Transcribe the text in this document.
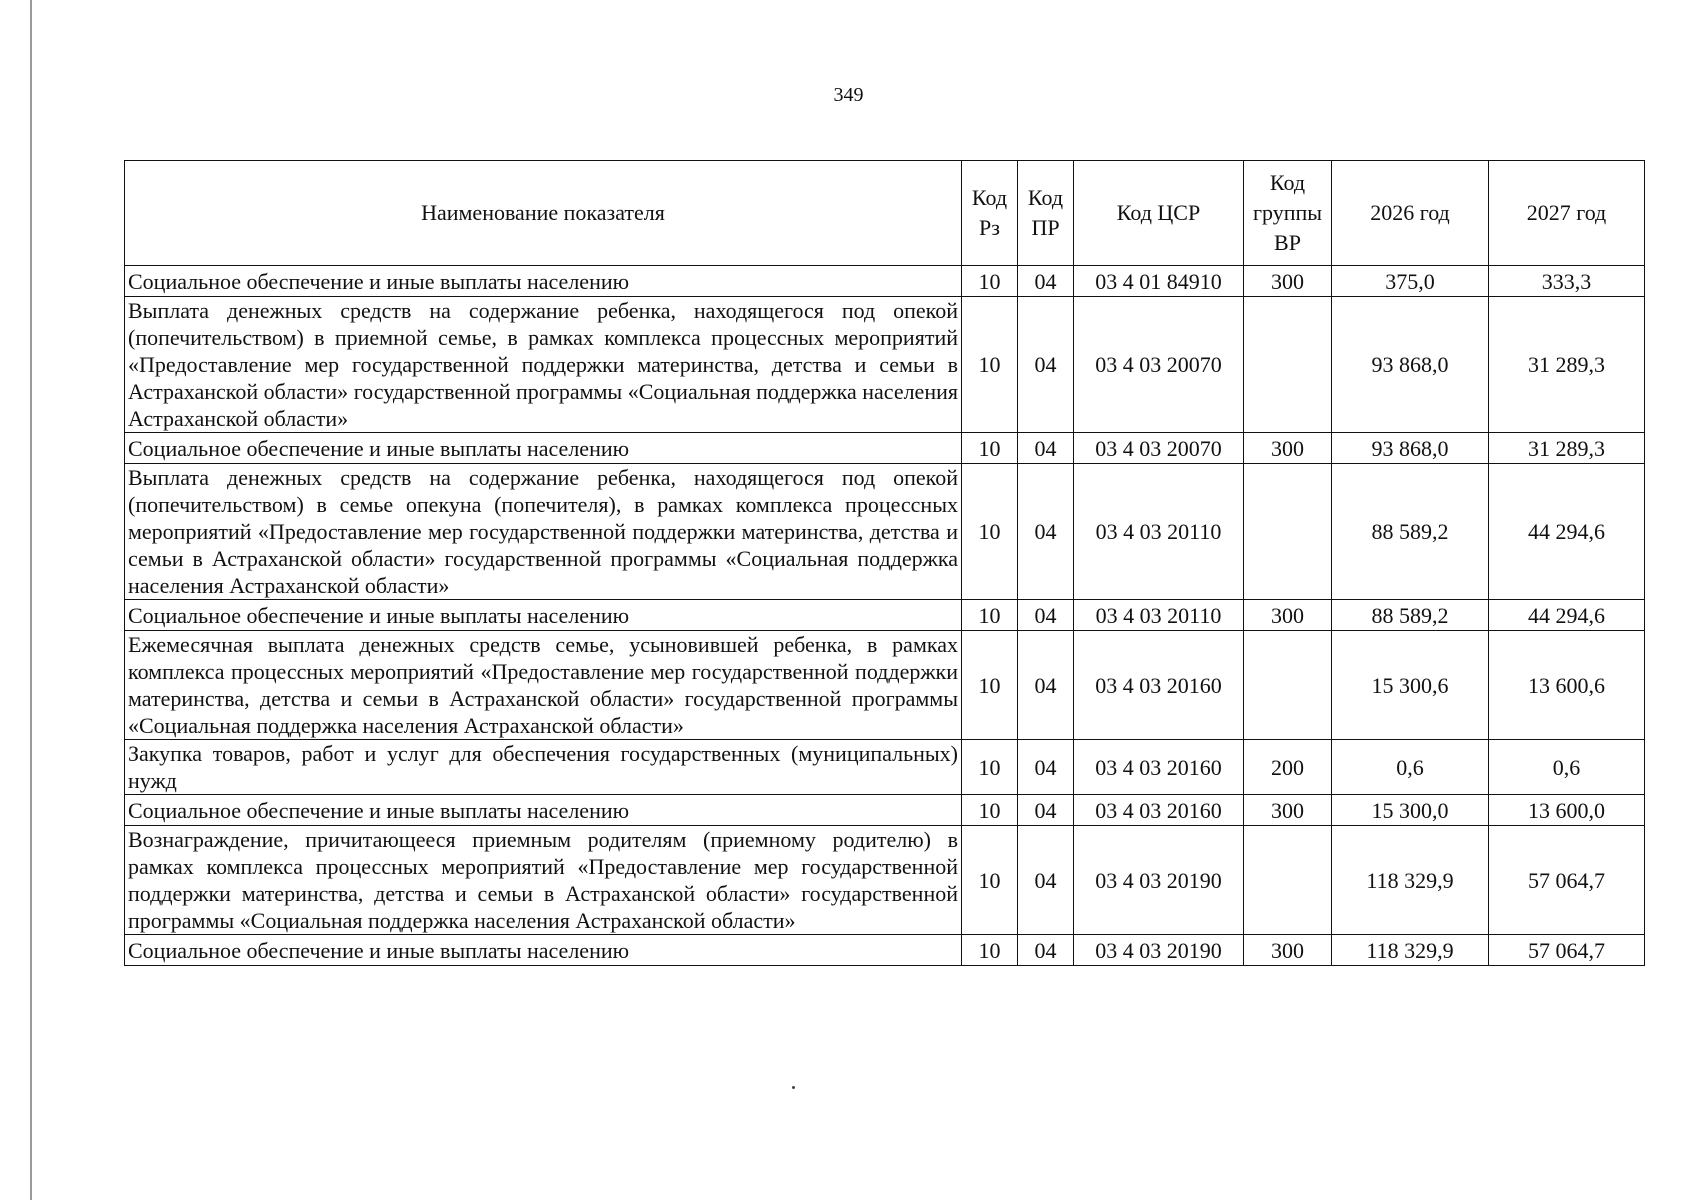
349
Наименование показателя	Код Рз	Код ПР	Код ЦСР	Код группы ВР	2026 год	2027 год
Социальное обеспечение и иные выплаты населению	10	04	03 4 01 84910	300	375,0	333,3
Выплата денежных средств на содержание ребенка, находящегося под опекой (попечительством) в приемной семье, в рамках комплекса процессных мероприятий «Предоставление мер государственной поддержки материнства, детства и семьи в Астраханской области» государственной программы «Социальная поддержка населения Астраханской области»	10	04	03 4 03 20070		93 868,0	31 289,3
Социальное обеспечение и иные выплаты населению	10	04	03 4 03 20070	300	93 868,0	31 289,3
Выплата денежных средств на содержание ребенка, находящегося под опекой (попечительством) в семье опекуна (попечителя), в рамках комплекса процессных мероприятий «Предоставление мер государственной поддержки материнства, детства и семьи в Астраханской области» государственной программы «Социальная поддержка населения Астраханской области»	10	04	03 4 03 20110		88 589,2	44 294,6
Социальное обеспечение и иные выплаты населению	10	04	03 4 03 20110	300	88 589,2	44 294,6
Ежемесячная выплата денежных средств семье, усыновившей ребенка, в рамках комплекса процессных мероприятий «Предоставление мер государственной поддержки материнства, детства и семьи в Астраханской области» государственной программы «Социальная поддержка населения Астраханской области»	10	04	03 4 03 20160		15 300,6	13 600,6
Закупка товаров, работ и услуг для обеспечения государственных (муниципальных) нужд	10	04	03 4 03 20160	200	0,6	0,6
Социальное обеспечение и иные выплаты населению	10	04	03 4 03 20160	300	15 300,0	13 600,0
Вознаграждение, причитающееся приемным родителям (приемному родителю) в рамках комплекса процессных мероприятий «Предоставление мер государственной поддержки материнства, детства и семьи в Астраханской области» государственной программы «Социальная поддержка населения Астраханской области»	10	04	03 4 03 20190		118 329,9	57 064,7
Социальное обеспечение и иные выплаты населению	10	04	03 4 03 20190	300	118 329,9	57 064,7
